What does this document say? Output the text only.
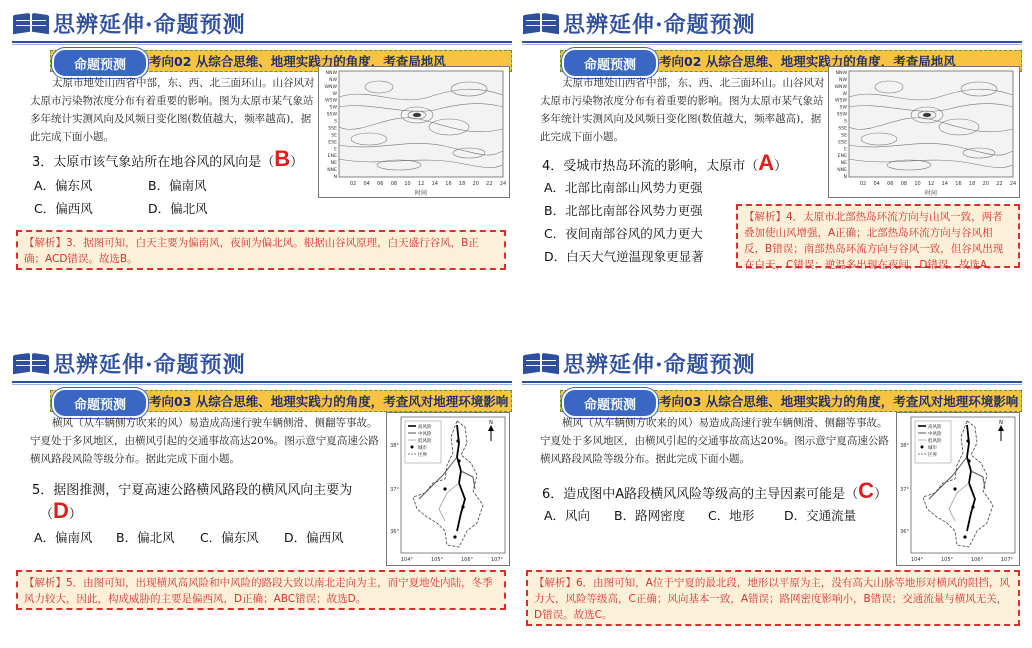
思辨延伸·命题预测
考向02 从综合思维、地理实践力的角度，考查局地风
命题预测
太原市地处山西省中部，东、西、北三面环山。山谷风对太原市污染物浓度分布有着重要的影响。图为太原市某气象站多年统计实测风向及风频日变化图(数值越大，频率越高)，据此完成下面小题。
3．太原市该气象站所在地谷风的风向是（B）
A．偏东风	B．偏南风
C．偏西风	D．偏北风
NNW
NW
WNW
W
WSW
SW
SSW
S
SSE
SE
ESE
E
ENE
NE
NNE
N
02 04 06 08 10 12 14 16 18 20 22 24
时间
【解析】3．据图可知，白天主要为偏南风，夜间为偏北风。根据山谷风原理，白天盛行谷风，B正确；ACD错误。故选B。
思辨延伸·命题预测
考向02 从综合思维、地理实践力的角度，考查局地风
命题预测
太原市地处山西省中部，东、西、北三面环山。山谷风对太原市污染物浓度分布有着重要的影响。图为太原市某气象站多年统计实测风向及风频日变化图(数值越大，频率越高)，据此完成下面小题。
4．受城市热岛环流的影响，太原市（A）
A．北部比南部山风势力更强
B．北部比南部谷风势力更强
C．夜间南部谷风的风力更大
D．白天大气逆温现象更显著
NNW
NW
WNW
W
WSW
SW
SSW
S
SSE
SE
ESE
E
ENE
NE
NNE
N
02 04 06 08 10 12 14 16 18 20 22 24
时间
【解析】4．太原市北部热岛环流方向与山风一致，两者叠加使山风增强，A正确；北部热岛环流方向与谷风相反，B错误；南部热岛环流方向与谷风一致，但谷风出现在白天，C错误；逆温多出现在夜间，D错误。故选A。
思辨延伸·命题预测
考向03 从综合思维、地理实践力的角度，考查风对地理环境影响
命题预测
横风（从车辆侧方吹来的风）易造成高速行驶车辆侧滑、侧翻等事故。宁夏处于多风地区，由横风引起的交通事故高达20%。图示意宁夏高速公路横风路段风险等级分布。据此完成下面小题。
5．据图推测，宁夏高速公路横风路段的横风风向主要为
（D）
A．偏南风 B．偏北风 C．偏东风 D．偏西风
高风险
中风险
低风险
城市
区界
N
38°
37°
36°
104°	105°	106°	107°
【解析】5．由图可知，出现横风高风险和中风险的路段大致以南北走向为主，而宁夏地处内陆，冬季风力较大，因此，构成威胁的主要是偏西风，D正确；ABC错误；故选D。
思辨延伸·命题预测
考向03 从综合思维、地理实践力的角度，考查风对地理环境影响
命题预测
横风（从车辆侧方吹来的风）易造成高速行驶车辆侧滑、侧翻等事故。宁夏处于多风地区，由横风引起的交通事故高达20%。图示意宁夏高速公路横风路段风险等级分布。据此完成下面小题。
6．造成图中A路段横风风险等级高的主导因素可能是（C）
A．风向 B．路网密度 C．地形 D．交通流量
高风险
中风险
低风险
城市
区界
N
38°
37°
36°
104°	105°	106°	107°
【解析】6．由图可知，A位于宁夏的最北段，地形以平原为主，没有高大山脉等地形对横风的阻挡，风力大，风险等级高，C正确；风向基本一致，A错误；路网密度影响小，B错误；交通流量与横风无关，D错误。故选C。
